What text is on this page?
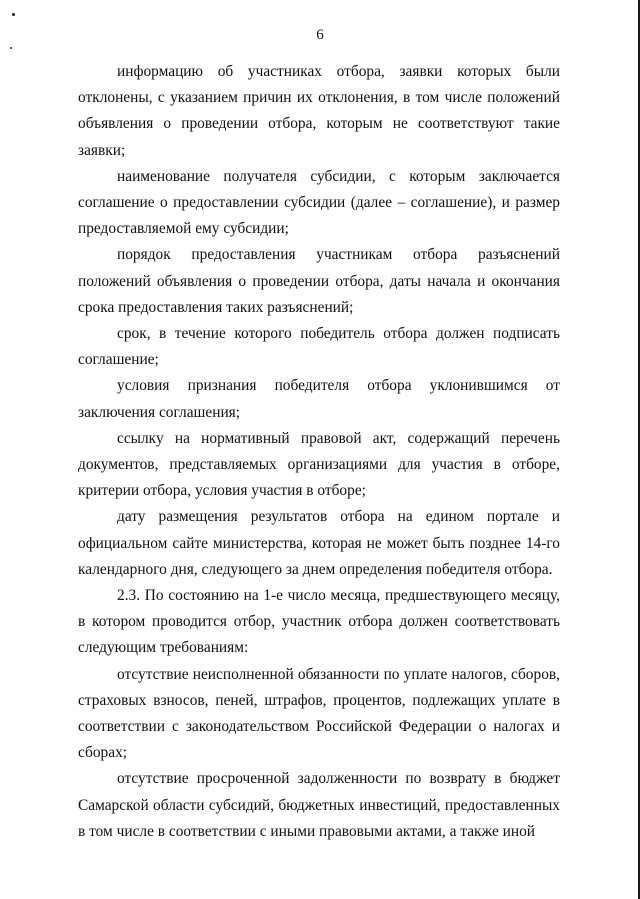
6

информацию об участниках отбора, заявки которых были отклонены, с указанием причин их отклонения, в том числе положений объявления о проведении отбора, которым не соответствуют такие заявки;

наименование получателя субсидии, с которым заключается соглашение о предоставлении субсидии (далее – соглашение), и размер предоставляемой ему субсидии;

порядок предоставления участникам отбора разъяснений положений объявления о проведении отбора, даты начала и окончания срока предоставления таких разъяснений;

срок, в течение которого победитель отбора должен подписать соглашение;

условия признания победителя отбора уклонившимся от заключения соглашения;

ссылку на нормативный правовой акт, содержащий перечень документов, представляемых организациями для участия в отборе, критерии отбора, условия участия в отборе;

дату размещения результатов отбора на едином портале и официальном сайте министерства, которая не может быть позднее 14-го календарного дня, следующего за днем определения победителя отбора.

2.3. По состоянию на 1-е число месяца, предшествующего месяцу, в котором проводится отбор, участник отбора должен соответствовать следующим требованиям:

отсутствие неисполненной обязанности по уплате налогов, сборов, страховых взносов, пеней, штрафов, процентов, подлежащих уплате в соответствии с законодательством Российской Федерации о налогах и сборах;

отсутствие просроченной задолженности по возврату в бюджет Самарской области субсидий, бюджетных инвестиций, предоставленных в том числе в соответствии с иными правовыми актами, а также иной
